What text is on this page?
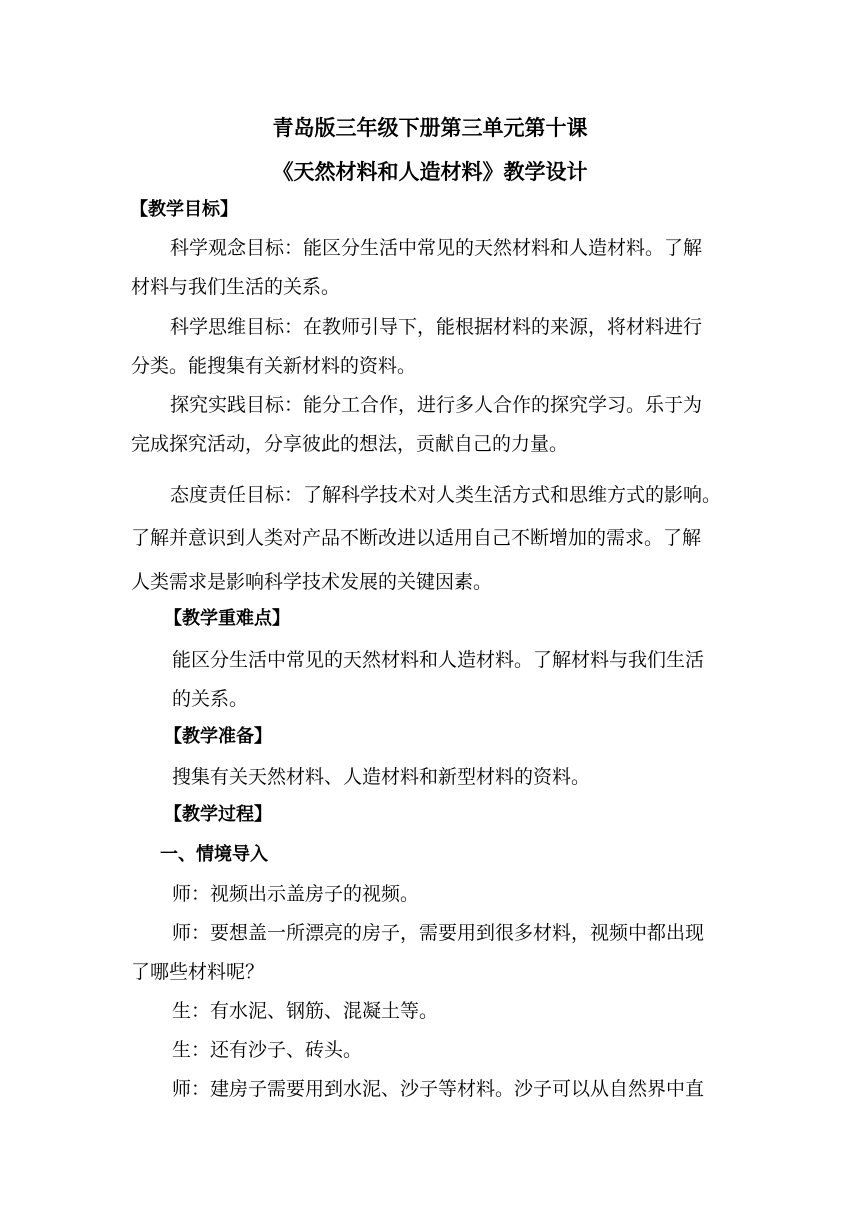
青岛版三年级下册第三单元第十课
《天然材料和人造材料》教学设计
【教学目标】
科学观念目标：能区分生活中常见的天然材料和人造材料。了解
材料与我们生活的关系。
科学思维目标：在教师引导下，能根据材料的来源，将材料进行
分类。能搜集有关新材料的资料。
探究实践目标：能分工合作，进行多人合作的探究学习。乐于为
完成探究活动，分享彼此的想法，贡献自己的力量。
态度责任目标：了解科学技术对人类生活方式和思维方式的影响。
了解并意识到人类对产品不断改进以适用自己不断增加的需求。了解
人类需求是影响科学技术发展的关键因素。
【教学重难点】
能区分生活中常见的天然材料和人造材料。了解材料与我们生活
的关系。
【教学准备】
搜集有关天然材料、人造材料和新型材料的资料。
【教学过程】
一、情境导入
师：视频出示盖房子的视频。
师：要想盖一所漂亮的房子，需要用到很多材料，视频中都出现
了哪些材料呢？
生：有水泥、钢筋、混凝土等。
生：还有沙子、砖头。
师：建房子需要用到水泥、沙子等材料。沙子可以从自然界中直
